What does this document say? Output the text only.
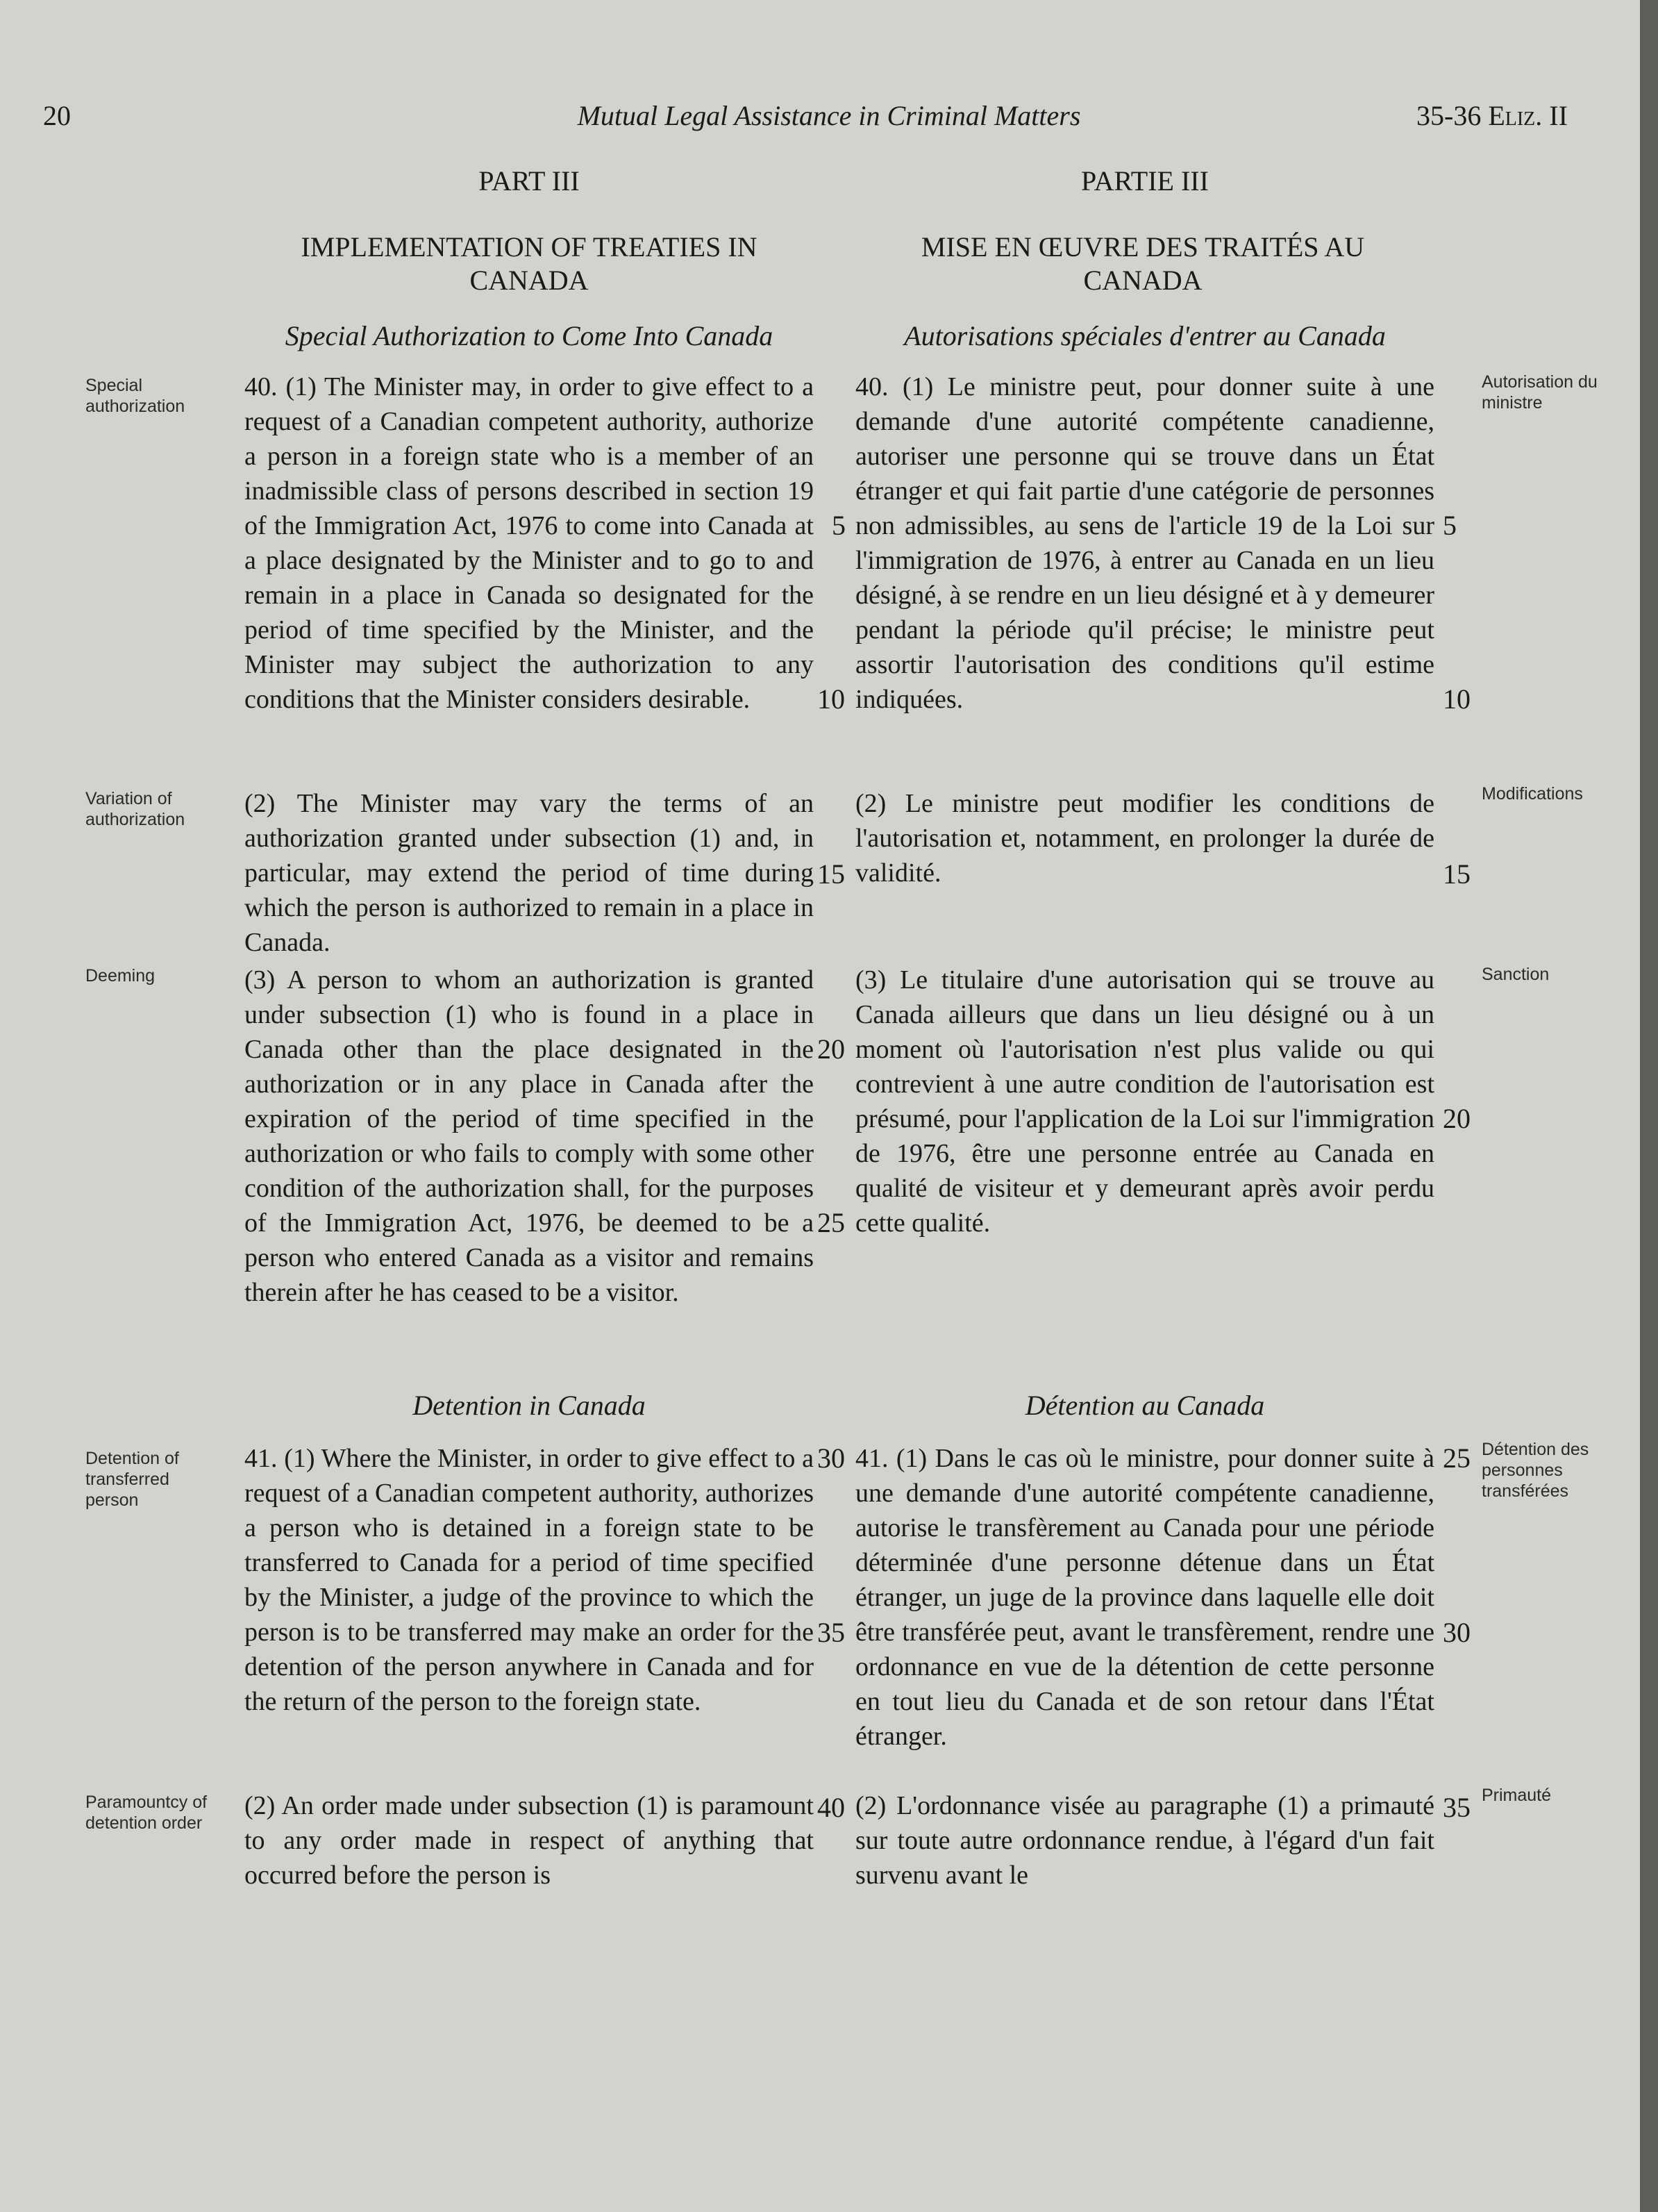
20	Mutual Legal Assistance in Criminal Matters	35-36 Eliz. II
PART III
IMPLEMENTATION OF TREATIES IN CANADA
Special Authorization to Come Into Canada
PARTIE III
MISE EN ŒUVRE DES TRAITÉS AU CANADA
Autorisations spéciales d'entrer au Canada
40. (1) The Minister may, in order to give effect to a request of a Canadian competent authority, authorize a person in a foreign state who is a member of an inadmissible class of persons described in section 19 of the Immigration Act, 1976 to come into Canada at a place designated by the Minister and to go to and remain in a place in Canada so designated for the period of time specified by the Minister, and the Minister may subject the authorization to any conditions that the Minister considers desirable.
(2) The Minister may vary the terms of an authorization granted under subsection (1) and, in particular, may extend the period of time during which the person is authorized to remain in a place in Canada.
(3) A person to whom an authorization is granted under subsection (1) who is found in a place in Canada other than the place designated in the authorization or in any place in Canada after the expiration of the period of time specified in the authorization or who fails to comply with some other condition of the authorization shall, for the purposes of the Immigration Act, 1976, be deemed to be a person who entered Canada as a visitor and remains therein after he has ceased to be a visitor.
Detention in Canada
41. (1) Where the Minister, in order to give effect to a request of a Canadian competent authority, authorizes a person who is detained in a foreign state to be transferred to Canada for a period of time specified by the Minister, a judge of the province to which the person is to be transferred may make an order for the detention of the person anywhere in Canada and for the return of the person to the foreign state.
(2) An order made under subsection (1) is paramount to any order made in respect of anything that occurred before the person is
40. (1) Le ministre peut, pour donner suite à une demande d'une autorité compétente canadienne, autoriser une personne qui se trouve dans un État étranger et qui fait partie d'une catégorie de personnes non admissibles, au sens de l'article 19 de la Loi sur l'immigration de 1976, à entrer au Canada en un lieu désigné, à se rendre en un lieu désigné et à y demeurer pendant la période qu'il précise; le ministre peut assortir l'autorisation des conditions qu'il estime indiquées.
(2) Le ministre peut modifier les conditions de l'autorisation et, notamment, en prolonger la durée de validité.
(3) Le titulaire d'une autorisation qui se trouve au Canada ailleurs que dans un lieu désigné ou à un moment où l'autorisation n'est plus valide ou qui contrevient à une autre condition de l'autorisation est présumé, pour l'application de la Loi sur l'immigration de 1976, être une personne entrée au Canada en qualité de visiteur et y demeurant après avoir perdu cette qualité.
Détention au Canada
41. (1) Dans le cas où le ministre, pour donner suite à une demande d'une autorité compétente canadienne, autorise le transfèrement au Canada pour une période déterminée d'une personne détenue dans un État étranger, un juge de la province dans laquelle elle doit être transférée peut, avant le transfèrement, rendre une ordonnance en vue de la détention de cette personne en tout lieu du Canada et de son retour dans l'État étranger.
(2) L'ordonnance visée au paragraphe (1) a primauté sur toute autre ordonnance rendue, à l'égard d'un fait survenu avant le
Special authorization
Variation of authorization
Deeming
Detention of transferred person
Paramountcy of detention order
Autorisation du ministre
Modifications
Sanction
Détention des personnes transférées
Primauté
5
10
15
20
25
30
35
40
5
10
15
20
25
30
35
